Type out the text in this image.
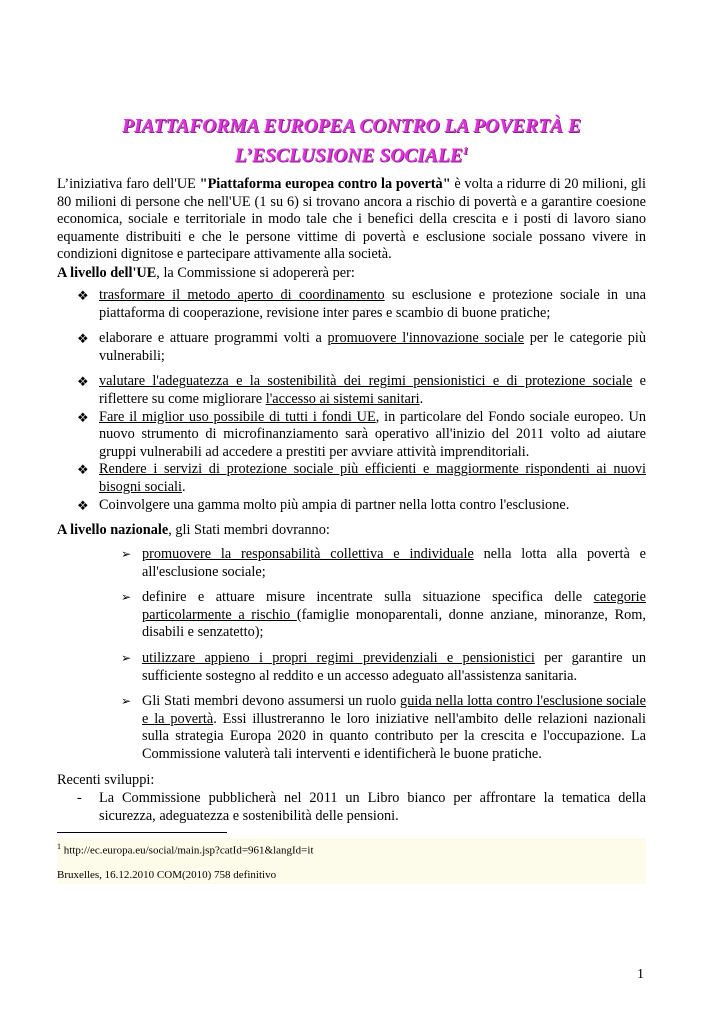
PIATTAFORMA EUROPEA CONTRO LA POVERTÀ E
L’ESCLUSIONE SOCIALE$^1$
L’iniziativa faro dell'UE "Piattaforma europea contro la povertà" è volta a ridurre di 20 milioni, gli 80 milioni di persone che nell'UE (1 su 6) si trovano ancora a rischio di povertà e a garantire coesione economica, sociale e territoriale in modo tale che i benefici della crescita e i posti di lavoro siano equamente distribuiti e che le persone vittime di povertà e esclusione sociale possano vivere in condizioni dignitose e partecipare attivamente alla società.
A livello dell'UE, la Commissione si adopererà per:
❖ trasformare il metodo aperto di coordinamento su esclusione e protezione sociale in una piattaforma di cooperazione, revisione inter pares e scambio di buone pratiche;
❖ elaborare e attuare programmi volti a promuovere l'innovazione sociale per le categorie più vulnerabili;
❖ valutare l'adeguatezza e la sostenibilità dei regimi pensionistici e di protezione sociale e riflettere su come migliorare l'accesso ai sistemi sanitari.
❖ Fare il miglior uso possibile di tutti i fondi UE, in particolare del Fondo sociale europeo. Un nuovo strumento di microfinanziamento sarà operativo all'inizio del 2011 volto ad aiutare gruppi vulnerabili ad accedere a prestiti per avviare attività imprenditoriali.
❖ Rendere i servizi di protezione sociale più efficienti e maggiormente rispondenti ai nuovi bisogni sociali.
❖ Coinvolgere una gamma molto più ampia di partner nella lotta contro l'esclusione.
A livello nazionale, gli Stati membri dovranno:
➢ promuovere la responsabilità collettiva e individuale nella lotta alla povertà e all'esclusione sociale;
➢ definire e attuare misure incentrate sulla situazione specifica delle categorie particolarmente a rischio (famiglie monoparentali, donne anziane, minoranze, Rom, disabili e senzatetto);
➢ utilizzare appieno i propri regimi previdenziali e pensionistici per garantire un sufficiente sostegno al reddito e un accesso adeguato all'assistenza sanitaria.
➢ Gli Stati membri devono assumersi un ruolo guida nella lotta contro l'esclusione sociale e la povertà. Essi illustreranno le loro iniziative nell'ambito delle relazioni nazionali sulla strategia Europa 2020 in quanto contributo per la crescita e l'occupazione. La Commissione valuterà tali interventi e identificherà le buone pratiche.
Recenti sviluppi:
- La Commissione pubblicherà nel 2011 un Libro bianco per affrontare la tematica della sicurezza, adeguatezza e sostenibilità delle pensioni.
$^1$ http://ec.europa.eu/social/main.jsp?catId=961&langId=it
Bruxelles, 16.12.2010 COM(2010) 758 definitivo
1
